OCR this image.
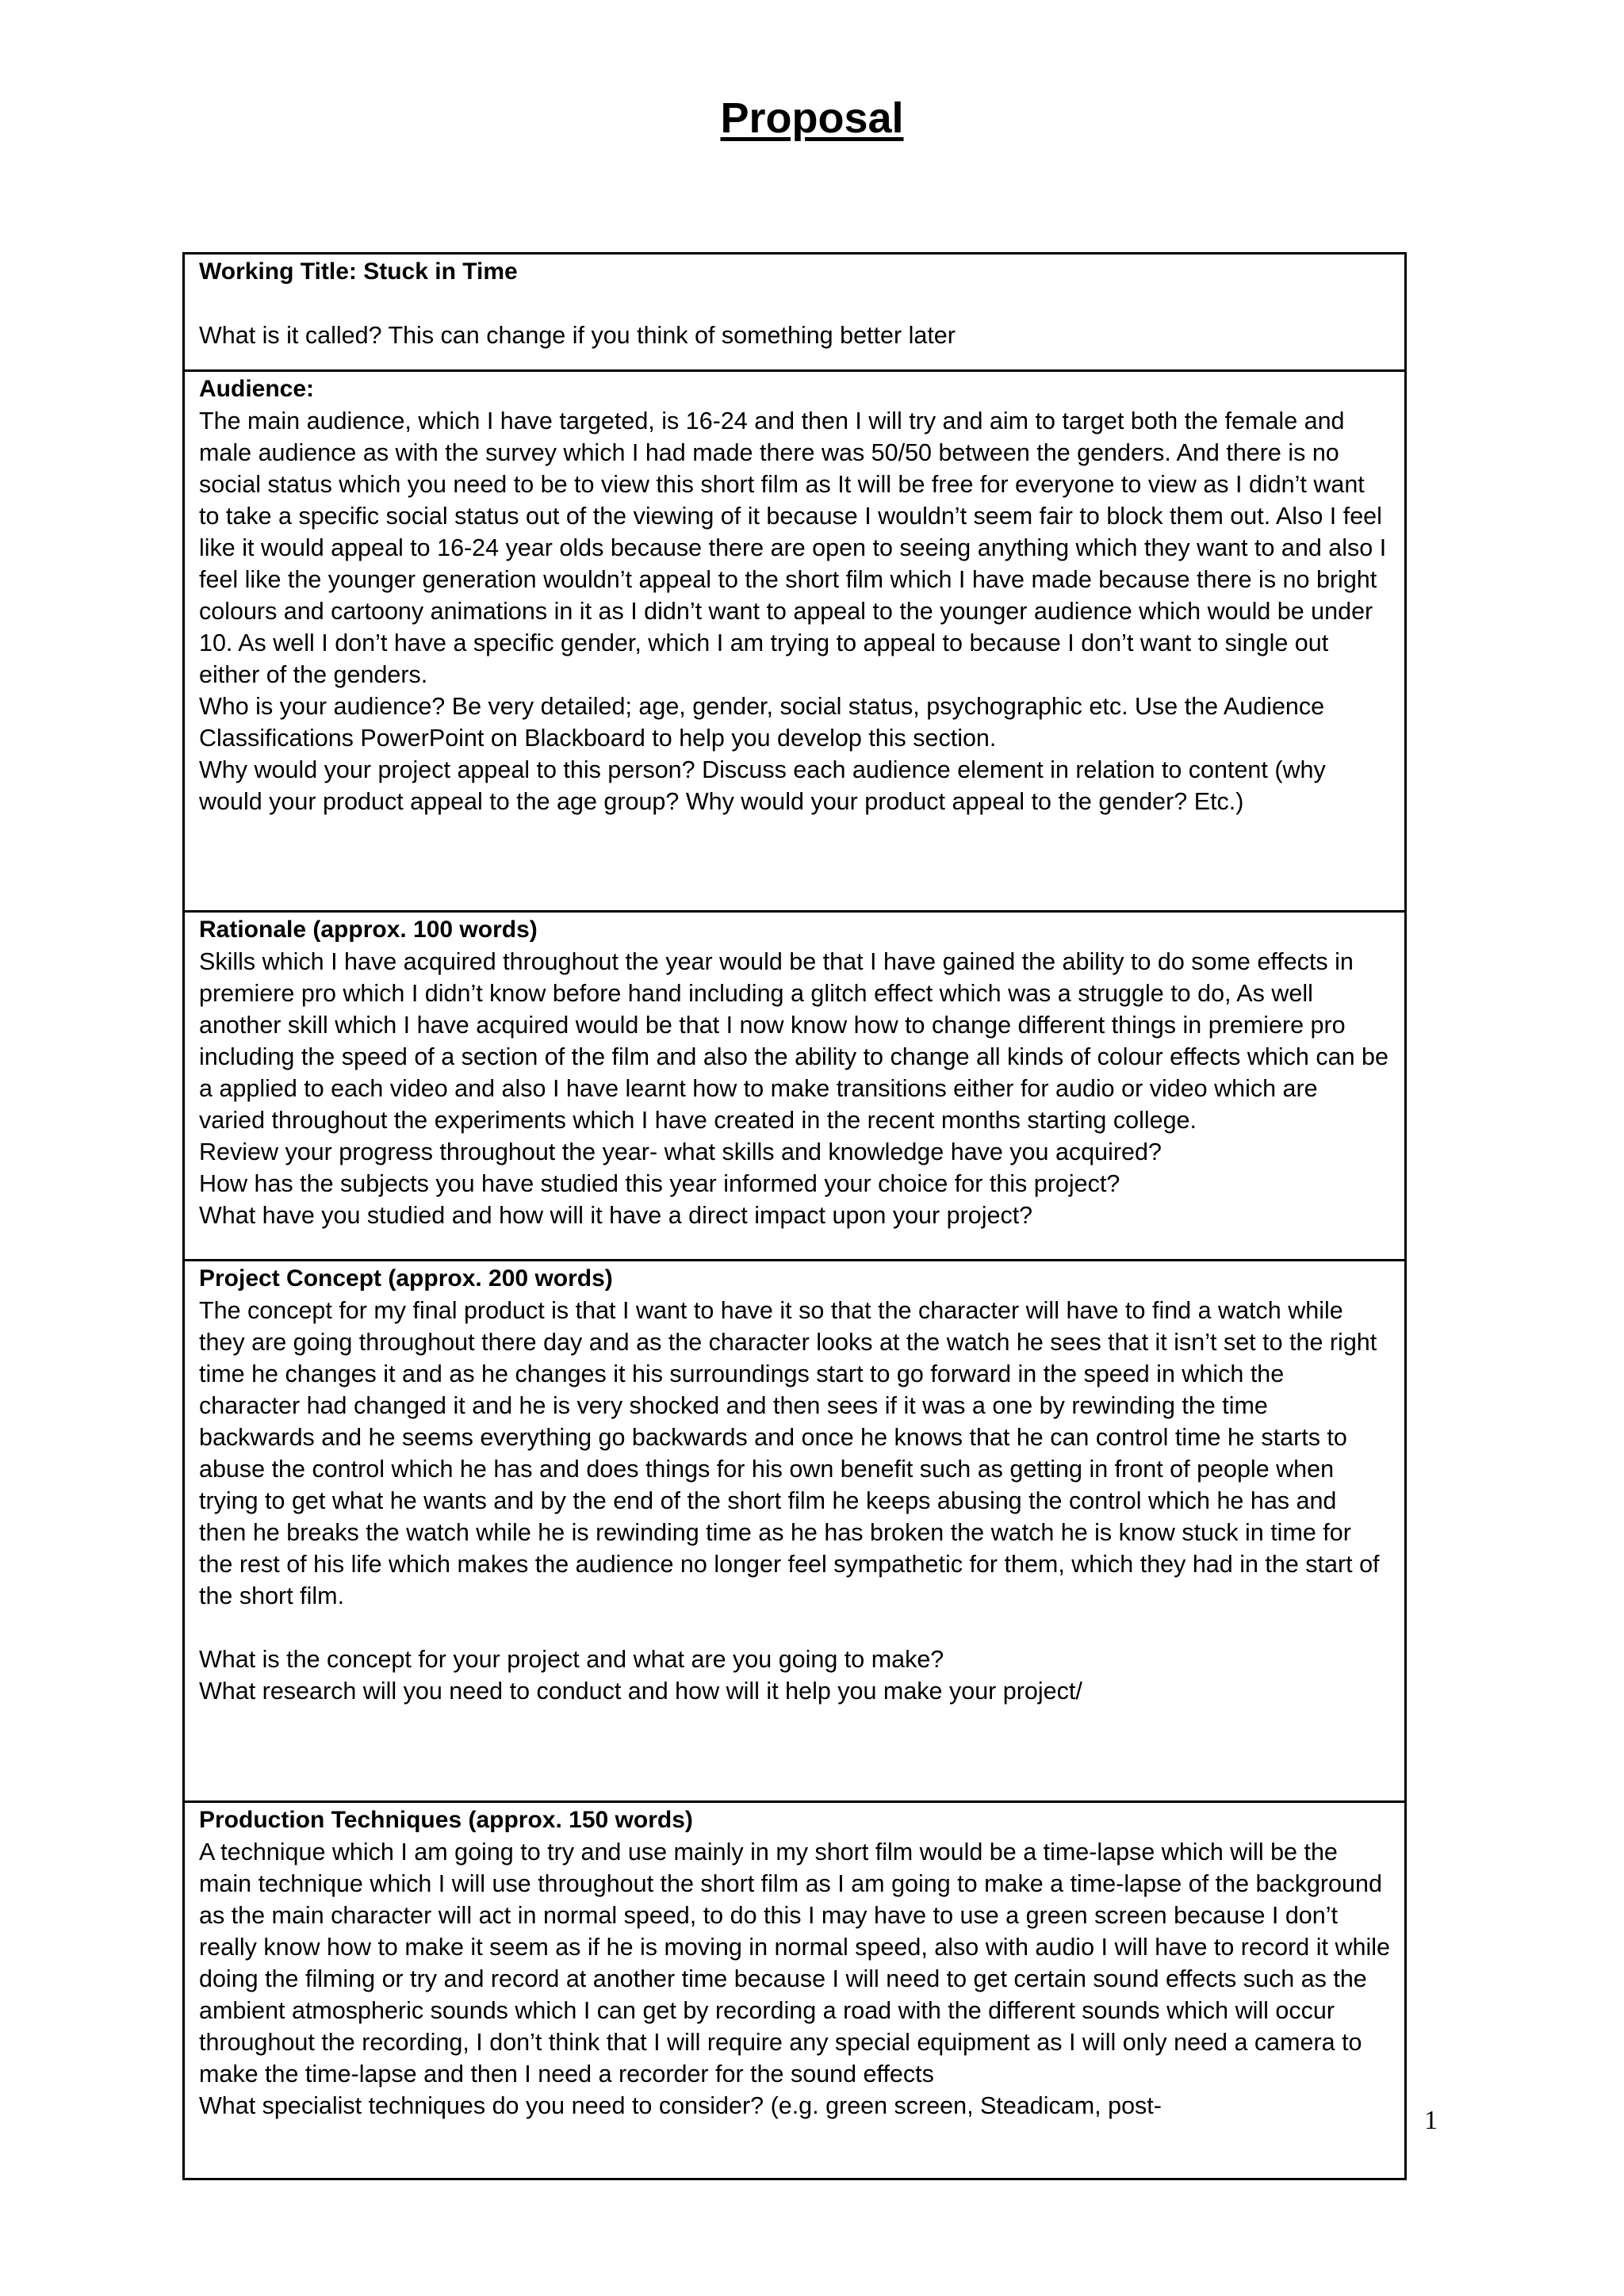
Proposal

Working Title: Stuck in Time

What is it called? This can change if you think of something better later

Audience:

The main audience, which I have targeted, is 16-24 and then I will try and aim to target both the female and male audience as with the survey which I had made there was 50/50 between the genders. And there is no social status which you need to be to view this short film as It will be free for everyone to view as I didn’t want to take a specific social status out of the viewing of it because I wouldn’t seem fair to block them out. Also I feel like it would appeal to 16-24 year olds because there are open to seeing anything which they want to and also I feel like the younger generation wouldn’t appeal to the short film which I have made because there is no bright colours and cartoony animations in it as I didn’t want to appeal to the younger audience which would be under 10. As well I don’t have a specific gender, which I am trying to appeal to because I don’t want to single out either of the genders.

Who is your audience? Be very detailed; age, gender, social status, psychographic etc. Use the Audience Classifications PowerPoint on Blackboard to help you develop this section.
Why would your project appeal to this person? Discuss each audience element in relation to content (why would your product appeal to the age group? Why would your product appeal to the gender? Etc.)

Rationale (approx. 100 words)

Skills which I have acquired throughout the year would be that I have gained the ability to do some effects in premiere pro which I didn’t know before hand including a glitch effect which was a struggle to do, As well another skill which I have acquired would be that I now know how to change different things in premiere pro including the speed of a section of the film and also the ability to change all kinds of colour effects which can be a applied to each video and also I have learnt how to make transitions either for audio or video which are varied throughout the experiments which I have created in the recent months starting college.

Review your progress throughout the year- what skills and knowledge have you acquired?
How has the subjects you have studied this year informed your choice for this project?
What have you studied and how will it have a direct impact upon your project?

Project Concept (approx. 200 words)

The concept for my final product is that I want to have it so that the character will have to find a watch while they are going throughout there day and as the character looks at the watch he sees that it isn’t set to the right time he changes it and as he changes it his surroundings start to go forward in the speed in which the character had changed it and he is very shocked and then sees if it was a one by rewinding the time backwards and he seems everything go backwards and once he knows that he can control time he starts to abuse the control which he has and does things for his own benefit such as getting in front of people when trying to get what he wants and by the end of the short film he keeps abusing the control which he has and then he breaks the watch while he is rewinding time as he has broken the watch he is know stuck in time for the rest of his life which makes the audience no longer feel sympathetic for them, which they had in the start of the short film.

What is the concept for your project and what are you going to make?
What research will you need to conduct and how will it help you make your project/

Production Techniques (approx. 150 words)

A technique which I am going to try and use mainly in my short film would be a time-lapse which will be the main technique which I will use throughout the short film as I am going to make a time-lapse of the background as the main character will act in normal speed, to do this I may have to use a green screen because I don’t really know how to make it seem as if he is moving in normal speed, also with audio I will have to record it while doing the filming or try and record at another time because I will need to get certain sound effects such as the ambient atmospheric sounds which I can get by recording a road with the different sounds which will occur throughout the recording, I don’t think that I will require any special equipment as I will only need a camera to make the time-lapse and then I need a recorder for the sound effects

What specialist techniques do you need to consider? (e.g. green screen, Steadicam, post-	1
